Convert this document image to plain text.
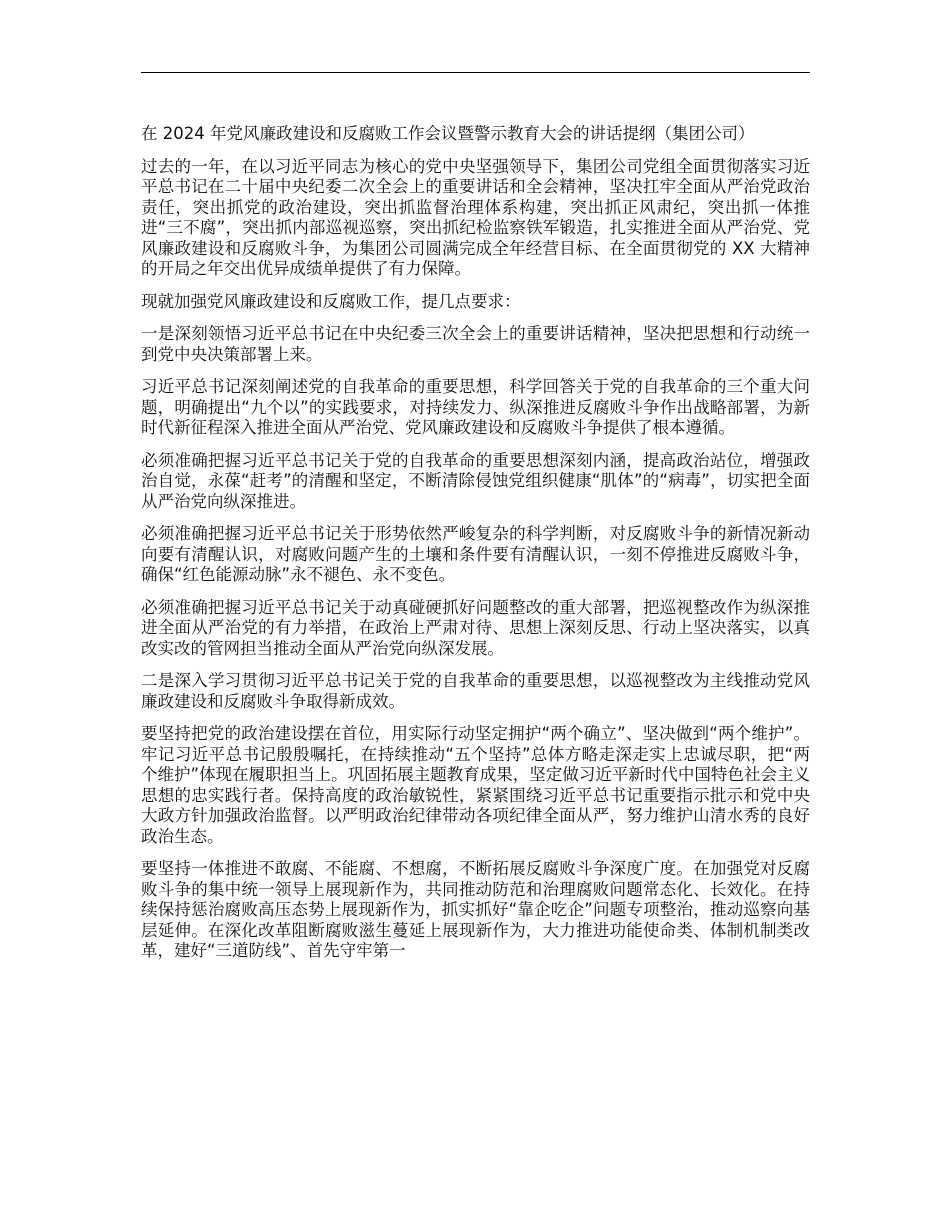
在 2024 年党风廉政建设和反腐败工作会议暨警示教育大会的讲话提纲（集团公司）

过去的一年，在以习近平同志为核心的党中央坚强领导下，集团公司党组全面贯彻落实习近平总书记在二十届中央纪委二次全会上的重要讲话和全会精神，坚决扛牢全面从严治党政治责任，突出抓党的政治建设，突出抓监督治理体系构建，突出抓正风肃纪，突出抓一体推进“三不腐”，突出抓内部巡视巡察，突出抓纪检监察铁军锻造，扎实推进全面从严治党、党风廉政建设和反腐败斗争，为集团公司圆满完成全年经营目标、在全面贯彻党的 XX 大精神的开局之年交出优异成绩单提供了有力保障。

现就加强党风廉政建设和反腐败工作，提几点要求：

一是深刻领悟习近平总书记在中央纪委三次全会上的重要讲话精神，坚决把思想和行动统一到党中央决策部署上来。

习近平总书记深刻阐述党的自我革命的重要思想，科学回答关于党的自我革命的三个重大问题，明确提出“九个以”的实践要求，对持续发力、纵深推进反腐败斗争作出战略部署，为新时代新征程深入推进全面从严治党、党风廉政建设和反腐败斗争提供了根本遵循。

必须准确把握习近平总书记关于党的自我革命的重要思想深刻内涵，提高政治站位，增强政治自觉，永葆“赶考”的清醒和坚定，不断清除侵蚀党组织健康“肌体”的“病毒”，切实把全面从严治党向纵深推进。

必须准确把握习近平总书记关于形势依然严峻复杂的科学判断，对反腐败斗争的新情况新动向要有清醒认识，对腐败问题产生的土壤和条件要有清醒认识，一刻不停推进反腐败斗争，确保“红色能源动脉”永不褪色、永不变色。

必须准确把握习近平总书记关于动真碰硬抓好问题整改的重大部署，把巡视整改作为纵深推进全面从严治党的有力举措，在政治上严肃对待、思想上深刻反思、行动上坚决落实，以真改实改的管网担当推动全面从严治党向纵深发展。

二是深入学习贯彻习近平总书记关于党的自我革命的重要思想，以巡视整改为主线推动党风廉政建设和反腐败斗争取得新成效。

要坚持把党的政治建设摆在首位，用实际行动坚定拥护“两个确立”、坚决做到“两个维护”。牢记习近平总书记殷殷嘱托，在持续推动“五个坚持”总体方略走深走实上忠诚尽职，把“两个维护”体现在履职担当上。巩固拓展主题教育成果，坚定做习近平新时代中国特色社会主义思想的忠实践行者。保持高度的政治敏锐性，紧紧围绕习近平总书记重要指示批示和党中央大政方针加强政治监督。以严明政治纪律带动各项纪律全面从严，努力维护山清水秀的良好政治生态。

要坚持一体推进不敢腐、不能腐、不想腐，不断拓展反腐败斗争深度广度。在加强党对反腐败斗争的集中统一领导上展现新作为，共同推动防范和治理腐败问题常态化、长效化。在持续保持惩治腐败高压态势上展现新作为，抓实抓好“靠企吃企”问题专项整治，推动巡察向基层延伸。在深化改革阻断腐败滋生蔓延上展现新作为，大力推进功能使命类、体制机制类改革，建好“三道防线”、首先守牢第一
